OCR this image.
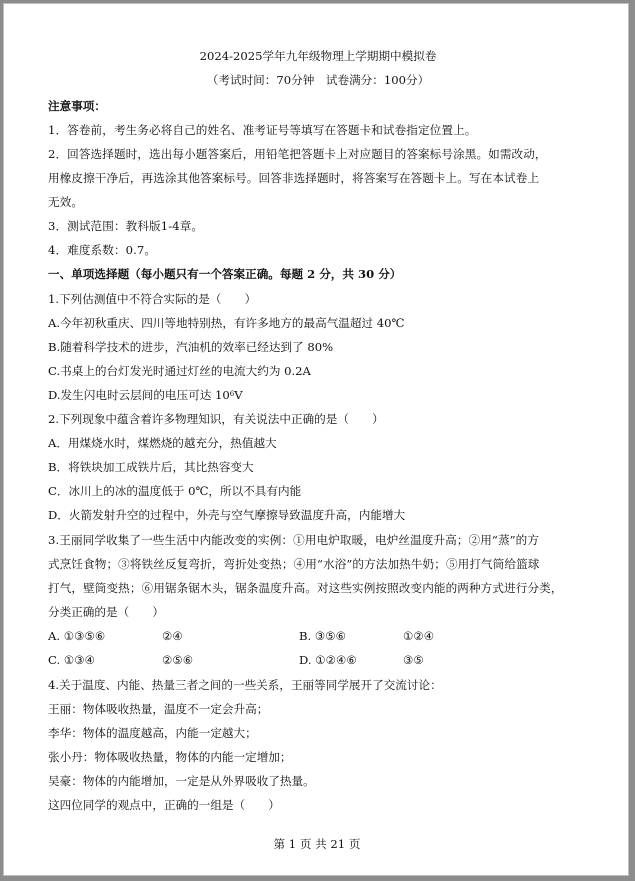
2024-2025学年九年级物理上学期期中模拟卷
（考试时间：70分钟　试卷满分：100分）
注意事项：
1．答卷前，考生务必将自己的姓名、准考证号等填写在答题卡和试卷指定位置上。
2．回答选择题时，选出每小题答案后，用铅笔把答题卡上对应题目的答案标号涂黑。如需改动，
用橡皮擦干净后，再选涂其他答案标号。回答非选择题时，将答案写在答题卡上。写在本试卷上
无效。
3．测试范围：教科版1-4章。
4．难度系数：0.7。
一、单项选择题（每小题只有一个答案正确。每题 2 分，共 30 分）
1.下列估测值中不符合实际的是（　　）
A.今年初秋重庆、四川等地特别热，有许多地方的最高气温超过 40℃
B.随着科学技术的进步，汽油机的效率已经达到了 80%
C.书桌上的台灯发光时通过灯丝的电流大约为 0.2A
D.发生闪电时云层间的电压可达 $10^6V$
2.下列现象中蕴含着许多物理知识，有关说法中正确的是（　　）
A．用煤烧水时，煤燃烧的越充分，热值越大
B．将铁块加工成铁片后，其比热容变大
C．冰川上的冰的温度低于 0℃，所以不具有内能
D．火箭发射升空的过程中，外壳与空气摩擦导致温度升高，内能增大
3.王丽同学收集了一些生活中内能改变的实例：①用电炉取暖，电炉丝温度升高；②用“蒸”的方
式烹饪食物；③将铁丝反复弯折，弯折处变热；④用“水浴”的方法加热牛奶；⑤用打气筒给篮球
打气，壁筒变热；⑥用锯条锯木头，锯条温度升高。对这些实例按照改变内能的两种方式进行分类，
分类正确的是（　　）
A. ①③⑤⑥	②④	B. ③⑤⑥	①②④
C. ①③④	②⑤⑥	D. ①②④⑥	③⑤
4.关于温度、内能、热量三者之间的一些关系，王丽等同学展开了交流讨论：
王丽：物体吸收热量，温度不一定会升高；
李华：物体的温度越高，内能一定越大；
张小丹：物体吸收热量，物体的内能一定增加；
吴豪：物体的内能增加，一定是从外界吸收了热量。
这四位同学的观点中，正确的一组是（　　）
第 1 页 共 21 页
